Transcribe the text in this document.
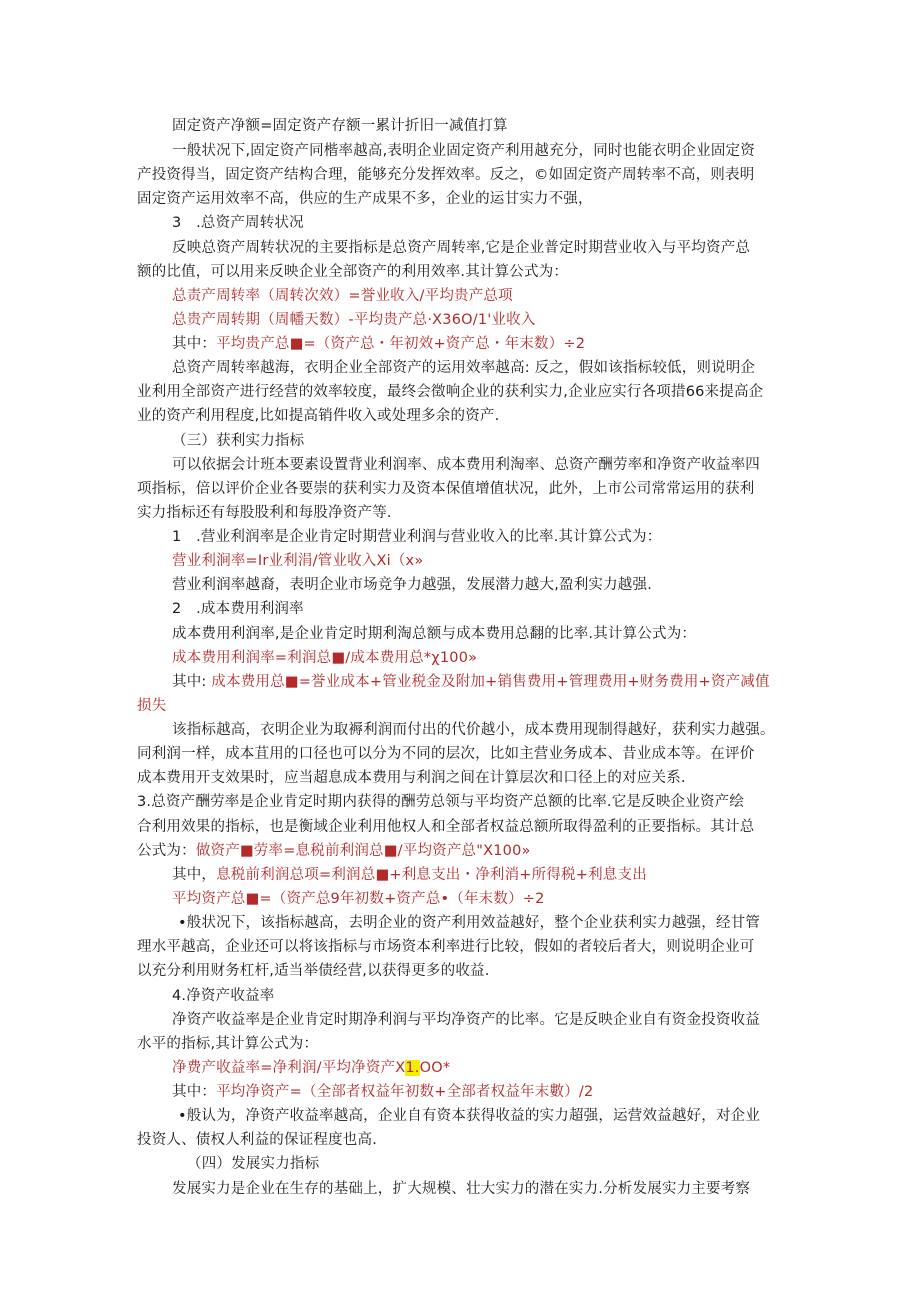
固定资产净额=固定资产存额一累计折旧一减值打算
一般状况下,固定资产同楷率越高,表明企业固定资产利用越充分，同时也能衣明企业固定资
产投资得当，固定资产结构合理，能够充分发挥效率。反之，©如固定资产周转率不高，则表明
固定资产运用效率不高，供应的生产成果不多，企业的运甘实力不强，
3　.总资产周转状况
反映总资产周转状况的主要指标是总资产周转率,它是企业普定时期营业收入与平均资产总
额的比值，可以用来反映企业全部资产的利用效率.其计算公式为：
总责产周转率（周转次效）=誉业收入/平均贵产总项
总贵产周转期（周幡天数）-平均贵产总·X36O/1'业收入
其中：平均贵产总■=（资产总・年初效+资产总・年末数）÷2
总资产周转率越海，衣明企业全部资产的运用效率越高: 反之，假如该指标较低，则说明企
业利用全部资产进行经营的效率较度，最终会徵响企业的获利实力,企业应实行各项措66来提高企
业的资产利用程度,比如提高销件收入或处理多余的资产.
（三）获利实力指标
可以依据会计班本要素设置背业利润率、成本费用利淘率、总资产酬劳率和净资产收益率四
项指标，倍以评价企业各要崇的获利实力及资本保值增值状况，此外，上市公司常常运用的获利
实力指标还有每股股利和每股净资产等.
1　.营业利润率是企业肯定时期营业利润与营业收入的比率.其计算公式为：
营业利涧率=Ir业利涓/管业收入Xi（x»
营业利润率越裔，表明企业市场竞争力越强，发展潜力越大,盈利实力越强.
2　.成本费用利润率
成本费用利润率,是企业肯定时期利淘总额与成本费用总翻的比率.其计算公式为：
成本费用利润率=利润总■/成本费用总*χ100»
其中: 成本费用总■=誉业成本+管业税金及附加+销售费用+管理费用+财务费用+资产减值
损失
该指标越高，衣明企业为取褥利润而付出的代价越小，成本费用现制得越好，获利实力越强。
同利润一样，成本苴用的口径也可以分为不同的层次，比如主营业务成本、昔业成本等。在评价
成本费用开支效果时，应当超息成本费用与利润之间在计算层次和口径上的对应关系.
3.总资产酬劳率是企业肯定时期内获得的酬劳总领与平均资产总额的比率.它是反映企业资产绘
合利用效果的指标，也是衡域企业利用他权人和全部者权益总额所取得盈利的正要指标。其计总
公式为：做资产■劳率=息税前利润总■/平均资产总"X100»
其中，息税前利润总项=利润总■+利息支出・净利消+所得税+利息支出
平均资产总■=（资产总9年初数+资产总•（年末数）÷2
•般状况下，该指标越高，去明企业的资产利用效益越好，整个企业获利实力越强，经甘管
理水平越高，企业还可以将该指标与市场资本利率进行比较，假如的者较后者大，则说明企业可
以充分利用财务杠杆,适当举债经营,以获得更多的收益.
4.净资产收益率
净资产收益率是企业肯定时期净利润与平均净资产的比率。它是反映企业自有资金投资收益
水平的指标,其计算公式为：
净费产收益率=净利润/平均净资产X1.OO*
其中：平均净资产=（全部者权益年初数+全部者权益年末數）/2
•般认为，净资产收益率越高，企业自有资本获得收益的实力超强，运营效益越好，对企业
投资人、债权人利益的保证程度也高.
（四）发展实力指标
发展实力是企业在生存的基础上，扩大规模、壮大实力的潜在实力.分析发展实力主要考察
